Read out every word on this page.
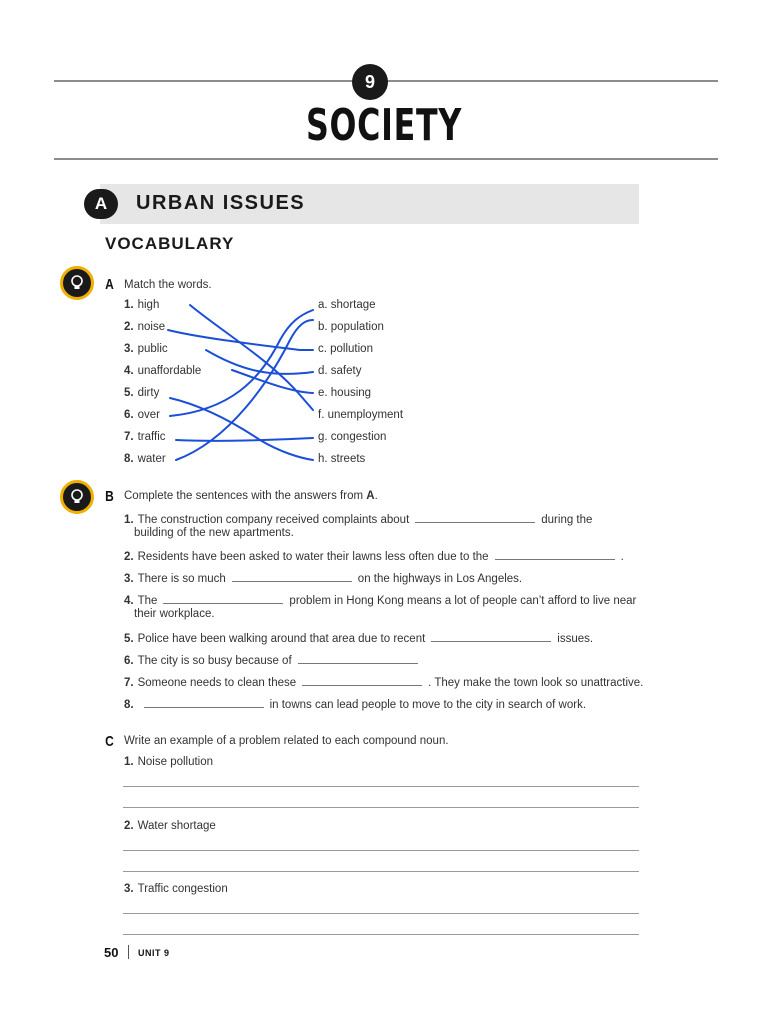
9
SOCIETY
A	URBAN ISSUES
VOCABULARY
A Match the words.
1. high
2. noise
3. public
4. unaffordable
5. dirty
6. over
7. traffic
8. water
a. shortage
b. population
c. pollution
d. safety
e. housing
f. unemployment
g. congestion
h. streets
B Complete the sentences with the answers from A.
1. The construction company received complaints about	during the
building of the new apartments.
2. Residents have been asked to water their lawns less often due to the	.
3. There is so much	on the highways in Los Angeles.
4. The	problem in Hong Kong means a lot of people can’t afford to live near
their workplace.
5. Police have been walking around that area due to recent	issues.
6. The city is so busy because of
7. Someone needs to clean these	. They make the town look so unattractive.
8.	in towns can lead people to move to the city in search of work.
C Write an example of a problem related to each compound noun.
1. Noise pollution
2. Water shortage
3. Traffic congestion
50 UNIT 9
